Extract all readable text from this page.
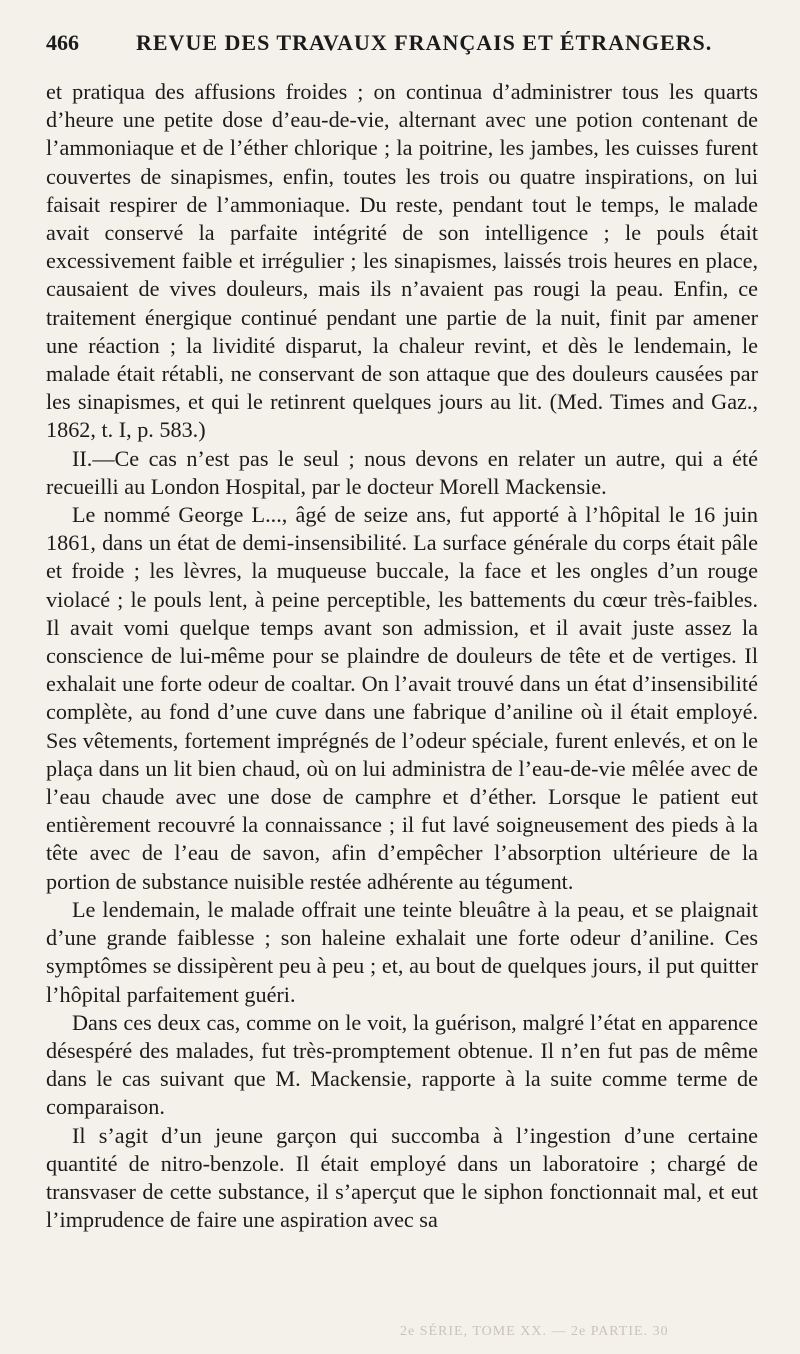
466	REVUE DES TRAVAUX FRANÇAIS ET ÉTRANGERS.

et pratiqua des affusions froides ; on continua d’administrer tous les quarts d’heure une petite dose d’eau-de-vie, alternant avec une potion contenant de l’ammoniaque et de l’éther chlorique ; la poitrine, les jambes, les cuisses furent couvertes de sinapismes, enfin, toutes les trois ou quatre inspirations, on lui faisait respirer de l’ammoniaque. Du reste, pendant tout le temps, le malade avait conservé la parfaite intégrité de son intelligence ; le pouls était excessivement faible et irrégulier ; les sinapismes, laissés trois heures en place, causaient de vives douleurs, mais ils n’avaient pas rougi la peau. Enfin, ce traitement énergique continué pendant une partie de la nuit, finit par amener une réaction ; la lividité disparut, la chaleur revint, et dès le lendemain, le malade était rétabli, ne conservant de son attaque que des douleurs causées par les sinapismes, et qui le retinrent quelques jours au lit. (Med. Times and Gaz., 1862, t. I, p. 583.)

II.—Ce cas n’est pas le seul ; nous devons en relater un autre, qui a été recueilli au London Hospital, par le docteur Morell Mackensie.

Le nommé George L..., âgé de seize ans, fut apporté à l’hôpital le 16 juin 1861, dans un état de demi-insensibilité. La surface générale du corps était pâle et froide ; les lèvres, la muqueuse buccale, la face et les ongles d’un rouge violacé ; le pouls lent, à peine perceptible, les battements du cœur très-faibles. Il avait vomi quelque temps avant son admission, et il avait juste assez la conscience de lui-même pour se plaindre de douleurs de tête et de vertiges. Il exhalait une forte odeur de coaltar. On l’avait trouvé dans un état d’insensibilité complète, au fond d’une cuve dans une fabrique d’aniline où il était employé. Ses vêtements, fortement imprégnés de l’odeur spéciale, furent enlevés, et on le plaça dans un lit bien chaud, où on lui administra de l’eau-de-vie mêlée avec de l’eau chaude avec une dose de camphre et d’éther. Lorsque le patient eut entièrement recouvré la connaissance ; il fut lavé soigneusement des pieds à la tête avec de l’eau de savon, afin d’empêcher l’absorption ultérieure de la portion de substance nuisible restée adhérente au tégument.

Le lendemain, le malade offrait une teinte bleuâtre à la peau, et se plaignait d’une grande faiblesse ; son haleine exhalait une forte odeur d’aniline. Ces symptômes se dissipèrent peu à peu ; et, au bout de quelques jours, il put quitter l’hôpital parfaitement guéri.

Dans ces deux cas, comme on le voit, la guérison, malgré l’état en apparence désespéré des malades, fut très-promptement obtenue. Il n’en fut pas de même dans le cas suivant que M. Mackensie, rapporte à la suite comme terme de comparaison.

Il s’agit d’un jeune garçon qui succomba à l’ingestion d’une certaine quantité de nitro-benzole. Il était employé dans un laboratoire ; chargé de transvaser de cette substance, il s’aperçut que le siphon fonctionnait mal, et eut l’imprudence de faire une aspiration avec sa

2e SÉRIE, TOME XX. — 2e PARTIE. 30
